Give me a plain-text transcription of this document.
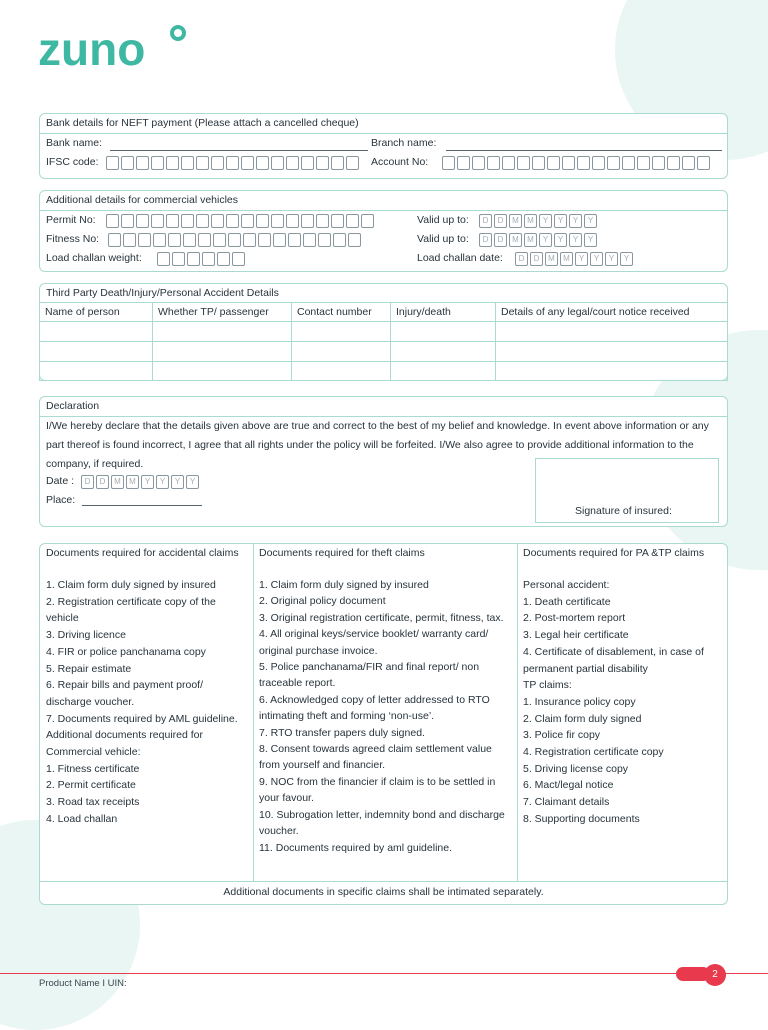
zuno
Bank details for NEFT payment (Please attach a cancelled cheque)
Bank name:	Branch name:
IFSC code:	Account No:
Additional details for commercial vehicles
Permit No:	Valid up to:	D	D	M	M	Y	Y	Y	Y
Fitness No:	Valid up to:	D	D	M	M	Y	Y	Y	Y
Load challan weight:	Load challan date:	D	D	M	M	Y	Y	Y	Y
Third Party Death/Injury/Personal Accident Details
Name of person	Whether TP/ passenger	Contact number	Injury/death	Details of any legal/court notice received

Declaration
I/We hereby declare that the details given above are true and correct to the best of my belief and knowledge. In event above information or any part thereof is found incorrect, I agree that all rights under the policy will be forfeited. I/We also agree to provide additional information to the company, if required.
Date :	D	D	M	M	Y	Y	Y	Y
Place:
Signature of insured:
Documents required for accidental claims
1. Claim form duly signed by insured
2. Registration certificate copy of the vehicle
3. Driving licence
4. FIR or police panchanama copy
5. Repair estimate
6. Repair bills and payment proof/ discharge voucher.
7. Documents required by AML guideline.
Additional documents required for Commercial vehicle:
1. Fitness certificate
2. Permit certificate
3. Road tax receipts
4. Load challan
Documents required for theft claims
1. Claim form duly signed by insured
2. Original policy document
3. Original registration certificate, permit, fitness, tax.
4. All original keys/service booklet/ warranty card/ original purchase invoice.
5. Police panchanama/FIR and final report/ non traceable report.
6. Acknowledged copy of letter addressed to RTO intimating theft and forming ‘non-use’.
7. RTO transfer papers duly signed.
8. Consent towards agreed claim settlement value from yourself and financier.
9. NOC from the financier if claim is to be settled in your favour.
10. Subrogation letter, indemnity bond and discharge voucher.
11. Documents required by aml guideline.
Documents required for PA &TP claims
Personal accident:
1. Death certificate
2. Post-mortem report
3. Legal heir certificate
4. Certificate of disablement, in case of permanent partial disability
TP claims:
1. Insurance policy copy
2. Claim form duly signed
3. Police fir copy
4. Registration certificate copy
5. Driving license copy
6. Mact/legal notice
7. Claimant details
8. Supporting documents
Additional documents in specific claims shall be intimated separately.
2
Product Name I UIN:
